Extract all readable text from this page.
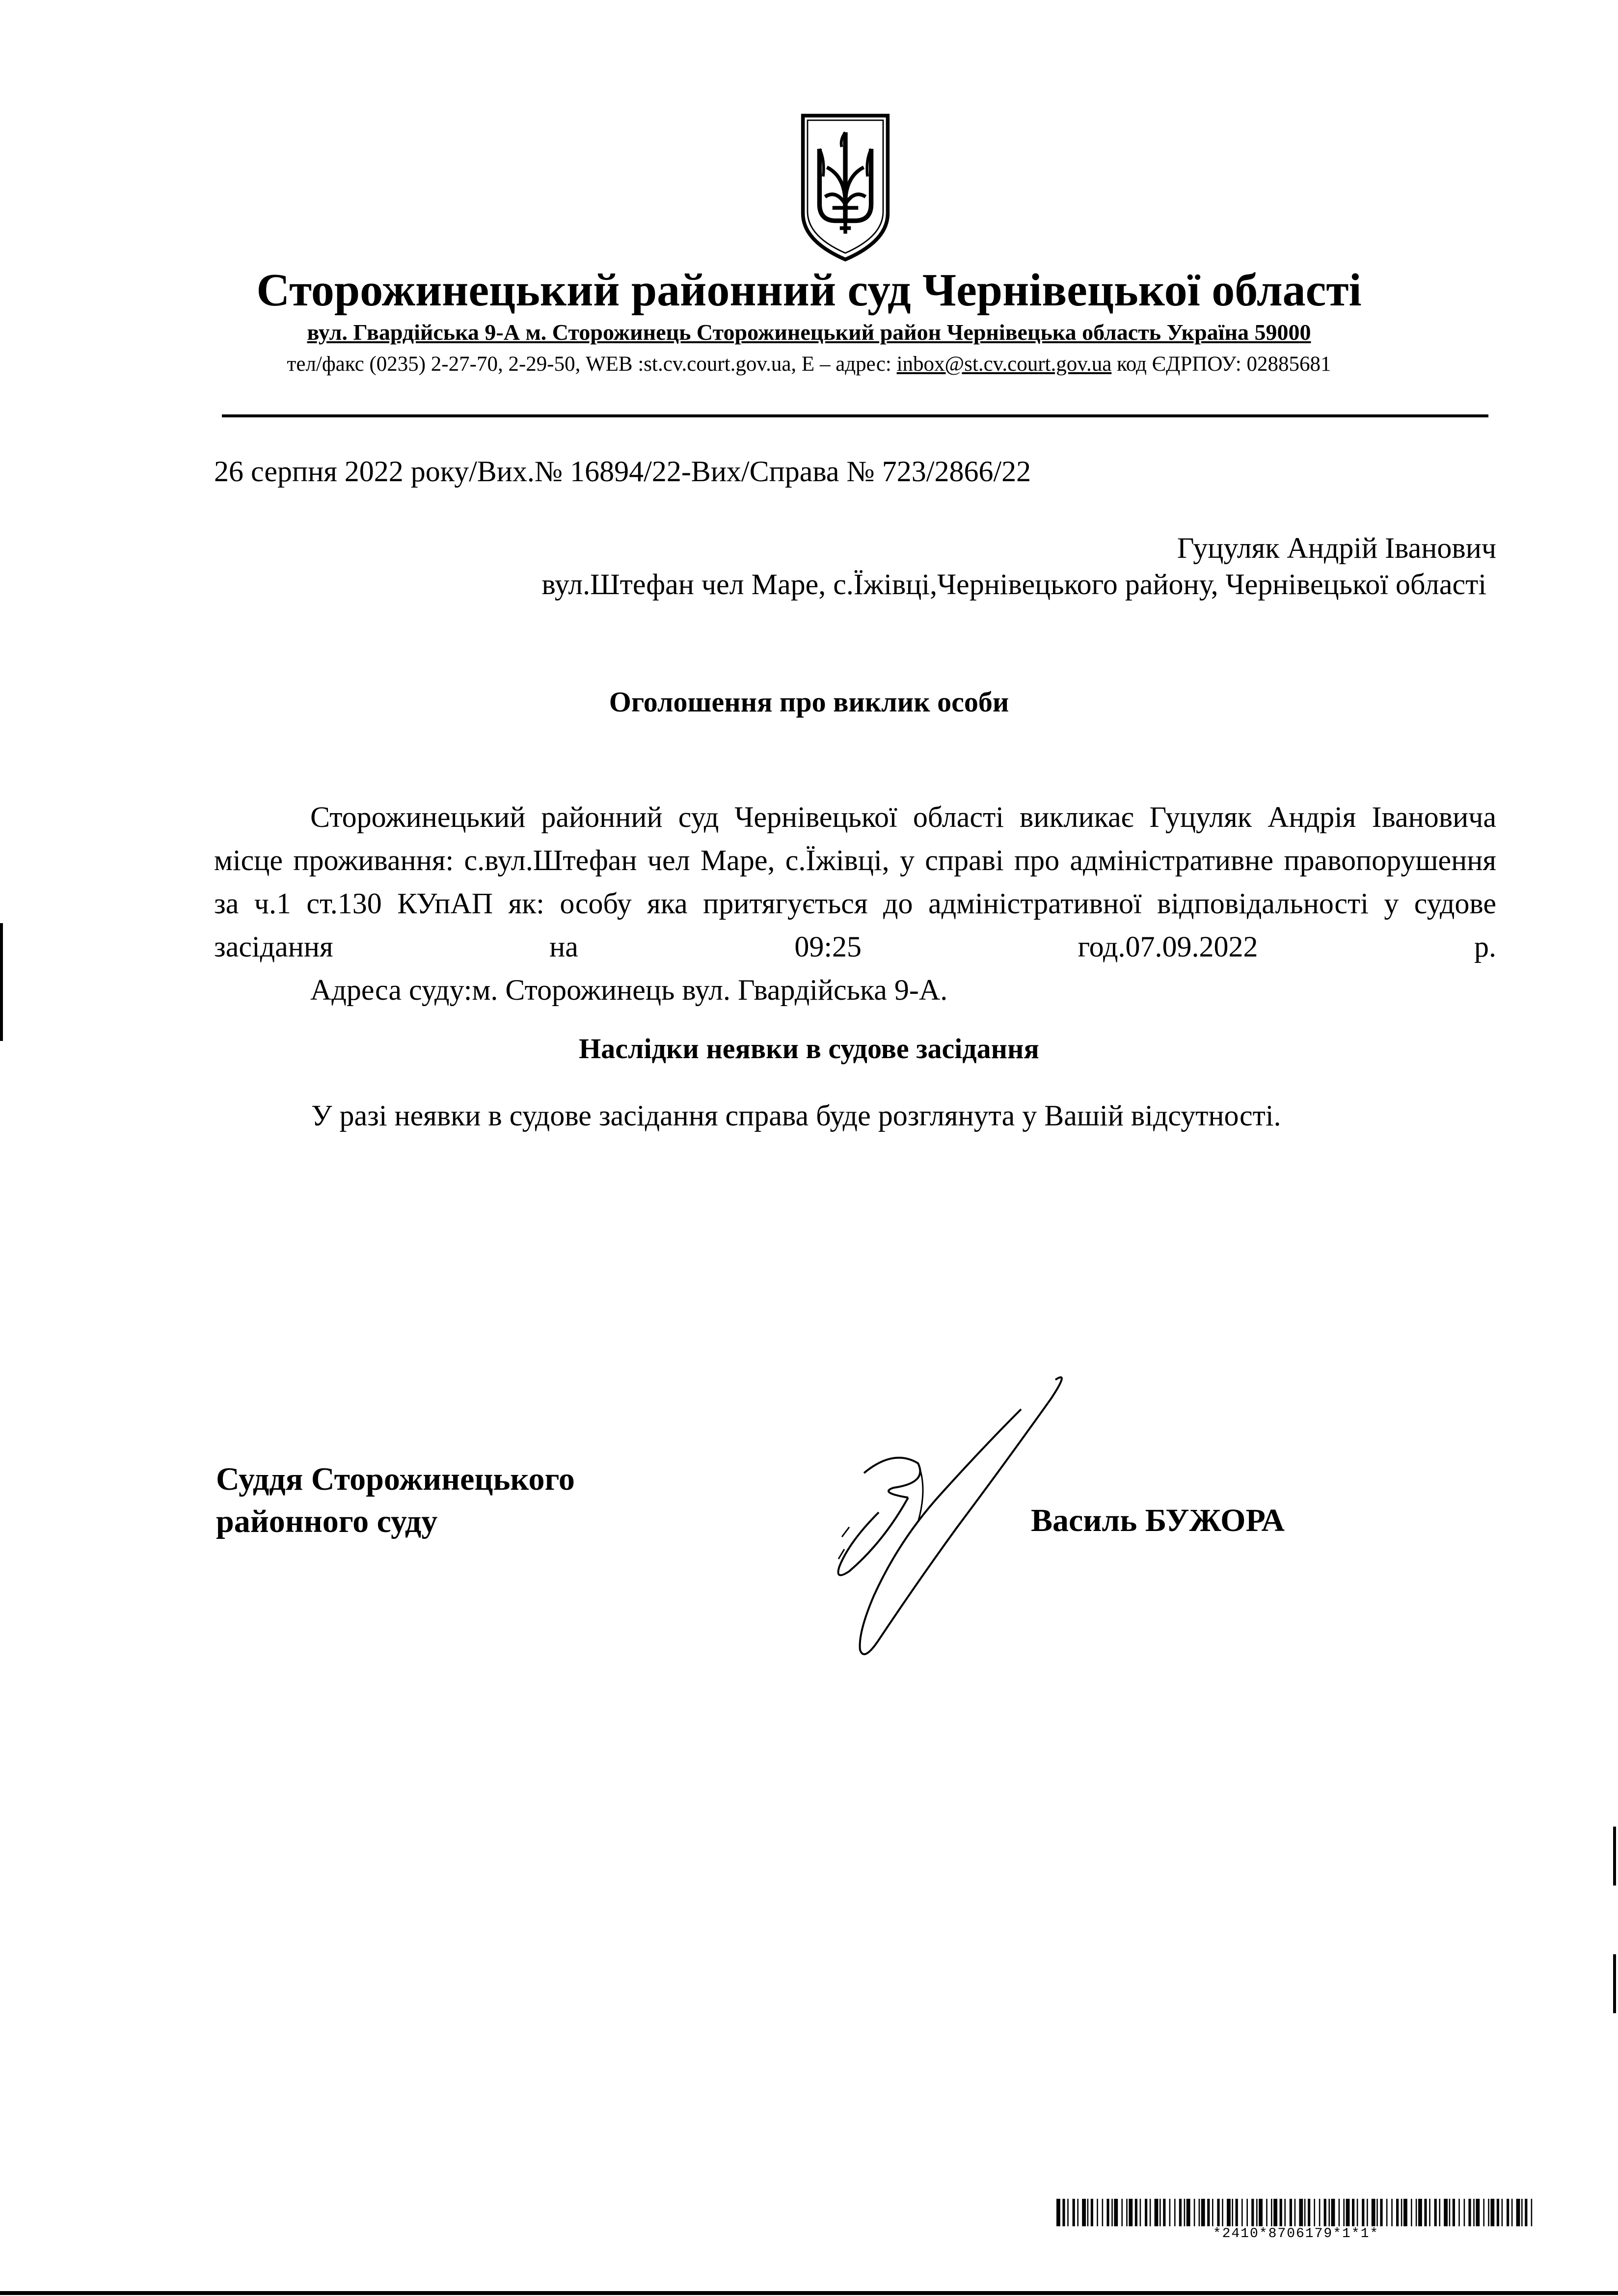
Сторожинецький районний суд Чернівецької області
вул. Гвардійська 9-А м. Сторожинець Сторожинецький район Чернівецька область Україна 59000
тел/факс (0235) 2-27-70, 2-29-50, WEB :st.cv.court.gov.ua, E – адрес: inbox@st.cv.court.gov.ua код ЄДРПОУ: 02885681
26 серпня 2022 року/Вих.№ 16894/22-Вих/Справа № 723/2866/22
Гуцуляк Андрій Іванович
вул.Штефан чел Маре, с.Їжівці,Чернівецького району, Чернівецької області
Оголошення про виклик особи

Сторожинецький районний суд Чернівецької області викликає Гуцуляк Андрія Івановича місце проживання: с.вул.Штефан чел Маре, с.Їжівці, у справі про адміністративне правопорушення за ч.1 ст.130 КУпАП як: особу яка притягується до адміністративної відповідальності у судове засідання на 09:25 год.07.09.2022 р.

Адреса суду:м. Сторожинець вул. Гвардійська 9-А.

Наслідки неявки в судове засідання
У разі неявки в судове засідання справа буде розглянута у Вашій відсутності.
Суддя Сторожинецького
районного суду	Василь БУЖОРА
*2410*8706179*1*1*
